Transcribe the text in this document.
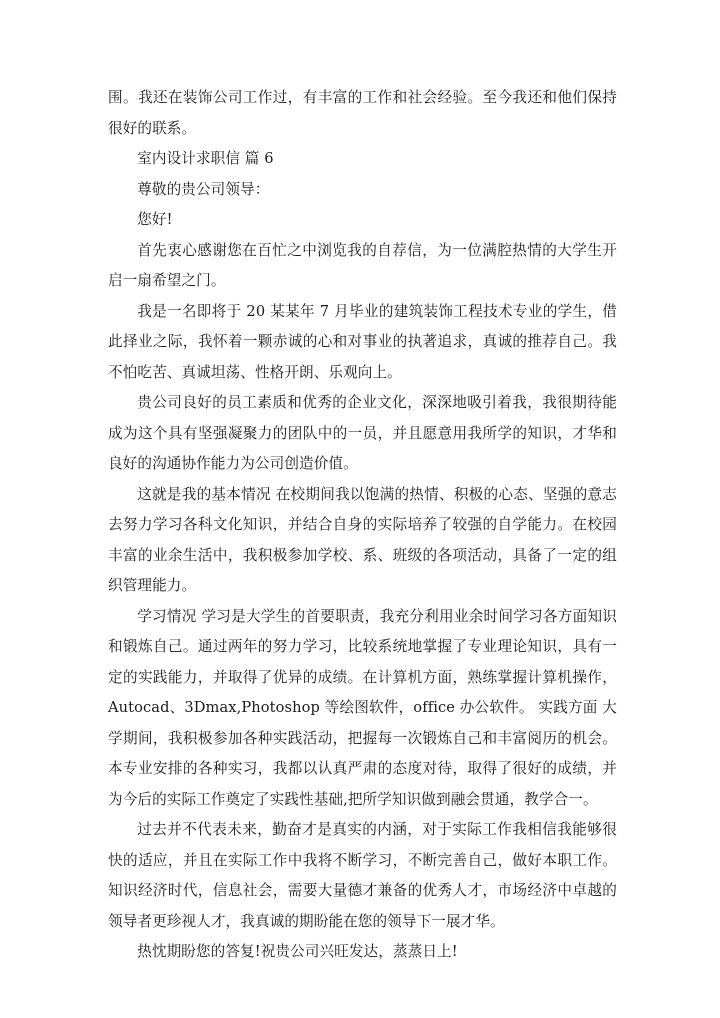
围。我还在装饰公司工作过，有丰富的工作和社会经验。至今我还和他们保持很好的联系。

室内设计求职信 篇 6

尊敬的贵公司领导：

您好!

首先衷心感谢您在百忙之中浏览我的自荐信，为一位满腔热情的大学生开启一扇希望之门。

我是一名即将于 20 某某年 7 月毕业的建筑装饰工程技术专业的学生，借此择业之际，我怀着一颗赤诚的心和对事业的执著追求，真诚的推荐自己。我不怕吃苦、真诚坦荡、性格开朗、乐观向上。

贵公司良好的员工素质和优秀的企业文化，深深地吸引着我，我很期待能成为这个具有坚强凝聚力的团队中的一员，并且愿意用我所学的知识，才华和良好的沟通协作能力为公司创造价值。

这就是我的基本情况 在校期间我以饱满的热情、积极的心态、坚强的意志去努力学习各科文化知识，并结合自身的实际培养了较强的自学能力。在校园丰富的业余生活中，我积极参加学校、系、班级的各项活动，具备了一定的组织管理能力。

学习情况 学习是大学生的首要职责，我充分利用业余时间学习各方面知识和锻炼自己。通过两年的努力学习，比较系统地掌握了专业理论知识，具有一定的实践能力，并取得了优异的成绩。在计算机方面，熟练掌握计算机操作，Autocad、3Dmax,Photoshop 等绘图软件，office 办公软件。 实践方面 大学期间，我积极参加各种实践活动，把握每一次锻炼自己和丰富阅历的机会。本专业安排的各种实习，我都以认真严肃的态度对待，取得了很好的成绩，并为今后的实际工作奠定了实践性基础,把所学知识做到融会贯通，教学合一。

过去并不代表未来，勤奋才是真实的内涵，对于实际工作我相信我能够很快的适应，并且在实际工作中我将不断学习，不断完善自己，做好本职工作。知识经济时代，信息社会，需要大量德才兼备的优秀人才，市场经济中卓越的领导者更珍视人才，我真诚的期盼能在您的领导下一展才华。

热忱期盼您的答复!祝贵公司兴旺发达，蒸蒸日上!
